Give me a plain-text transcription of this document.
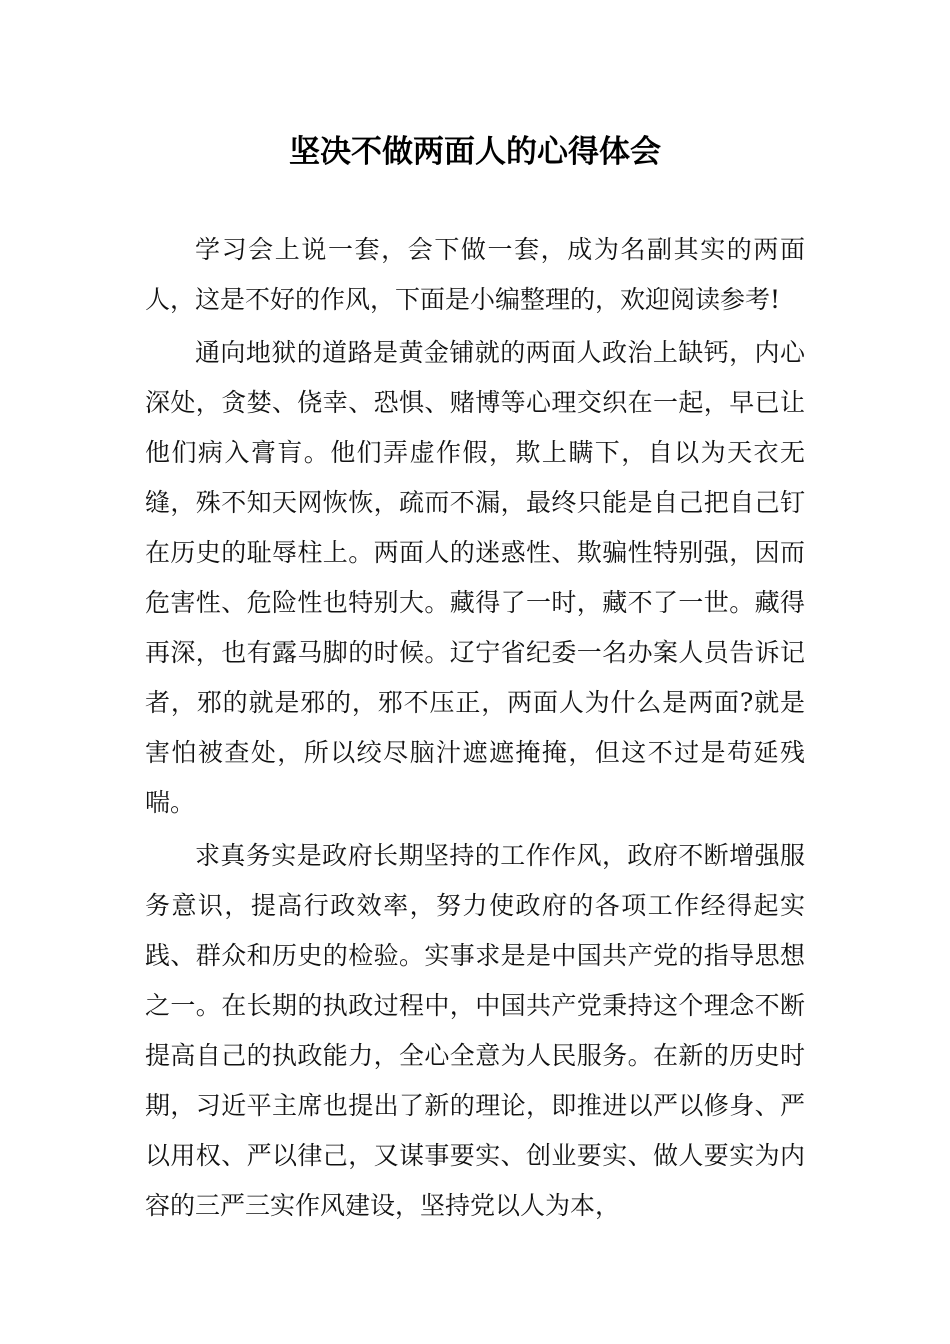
坚决不做两面人的心得体会

学习会上说一套，会下做一套，成为名副其实的两面人，这是不好的作风，下面是小编整理的，欢迎阅读参考!

通向地狱的道路是黄金铺就的两面人政治上缺钙，内心深处，贪婪、侥幸、恐惧、赌博等心理交织在一起，早已让他们病入膏肓。他们弄虚作假，欺上瞒下，自以为天衣无缝，殊不知天网恢恢，疏而不漏，最终只能是自己把自己钉在历史的耻辱柱上。两面人的迷惑性、欺骗性特别强，因而危害性、危险性也特别大。藏得了一时，藏不了一世。藏得再深，也有露马脚的时候。辽宁省纪委一名办案人员告诉记者，邪的就是邪的，邪不压正，两面人为什么是两面?就是害怕被查处，所以绞尽脑汁遮遮掩掩，但这不过是苟延残喘。

求真务实是政府长期坚持的工作作风，政府不断增强服务意识，提高行政效率，努力使政府的各项工作经得起实践、群众和历史的检验。实事求是是中国共产党的指导思想之一。在长期的执政过程中，中国共产党秉持这个理念不断提高自己的执政能力，全心全意为人民服务。在新的历史时期，习近平主席也提出了新的理论，即推进以严以修身、严以用权、严以律己，又谋事要实、创业要实、做人要实为内容的三严三实作风建设，坚持党以人为本，
